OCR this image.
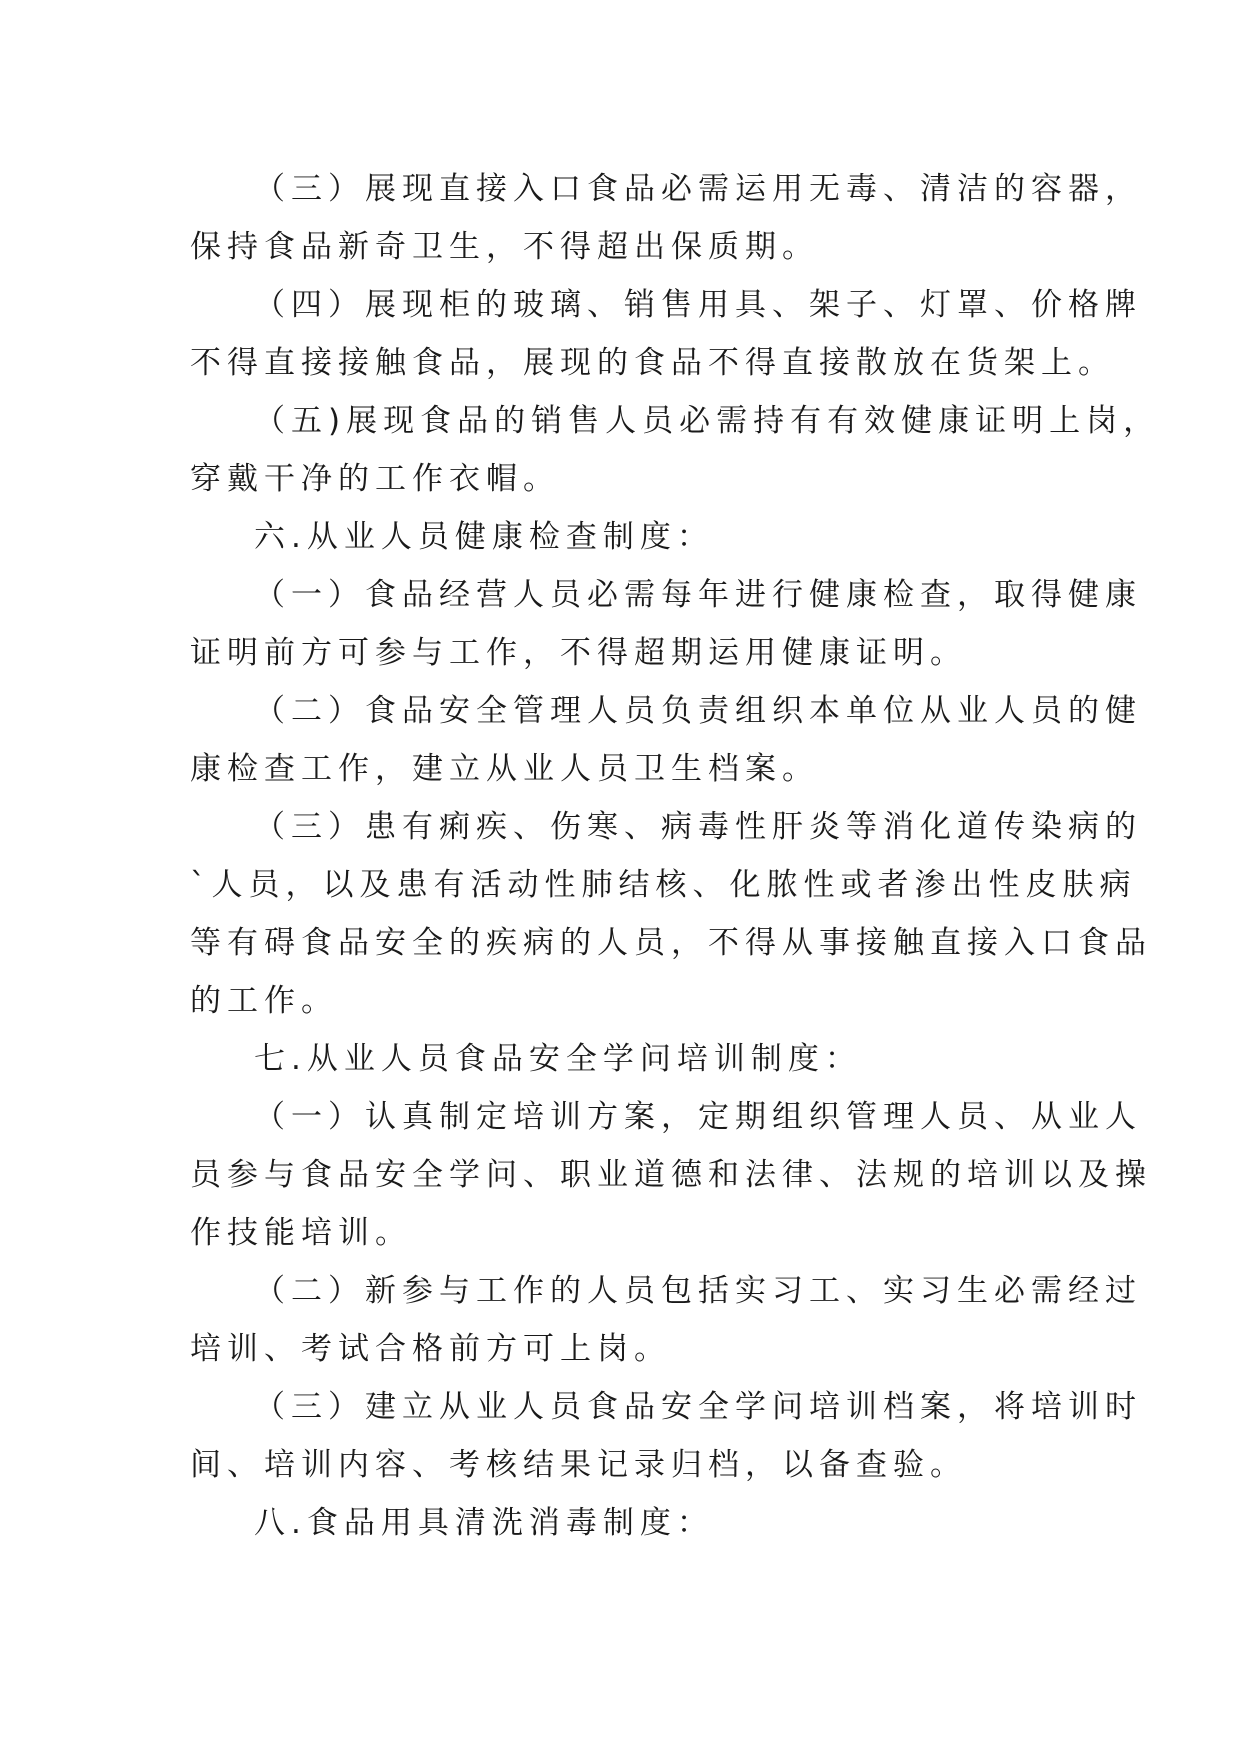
（三）展现直接入口食品必需运用无毒、清洁的容器，
保持食品新奇卫生，不得超出保质期。

（四）展现柜的玻璃、销售用具、架子、灯罩、价格牌
不得直接接触食品，展现的食品不得直接散放在货架上。

（五)展现食品的销售人员必需持有有效健康证明上岗，
穿戴干净的工作衣帽。

六.从业人员健康检查制度：

（一）食品经营人员必需每年进行健康检查，取得健康
证明前方可参与工作，不得超期运用健康证明。

（二）食品安全管理人员负责组织本单位从业人员的健
康检查工作，建立从业人员卫生档案。

（三）患有痢疾、伤寒、病毒性肝炎等消化道传染病的
`人员，以及患有活动性肺结核、化脓性或者渗出性皮肤病
等有碍食品安全的疾病的人员，不得从事接触直接入口食品
的工作。

七.从业人员食品安全学问培训制度：

（一）认真制定培训方案，定期组织管理人员、从业人
员参与食品安全学问、职业道德和法律、法规的培训以及操
作技能培训。

（二）新参与工作的人员包括实习工、实习生必需经过
培训、考试合格前方可上岗。

（三）建立从业人员食品安全学问培训档案，将培训时
间、培训内容、考核结果记录归档，以备查验。

八.食品用具清洗消毒制度：
